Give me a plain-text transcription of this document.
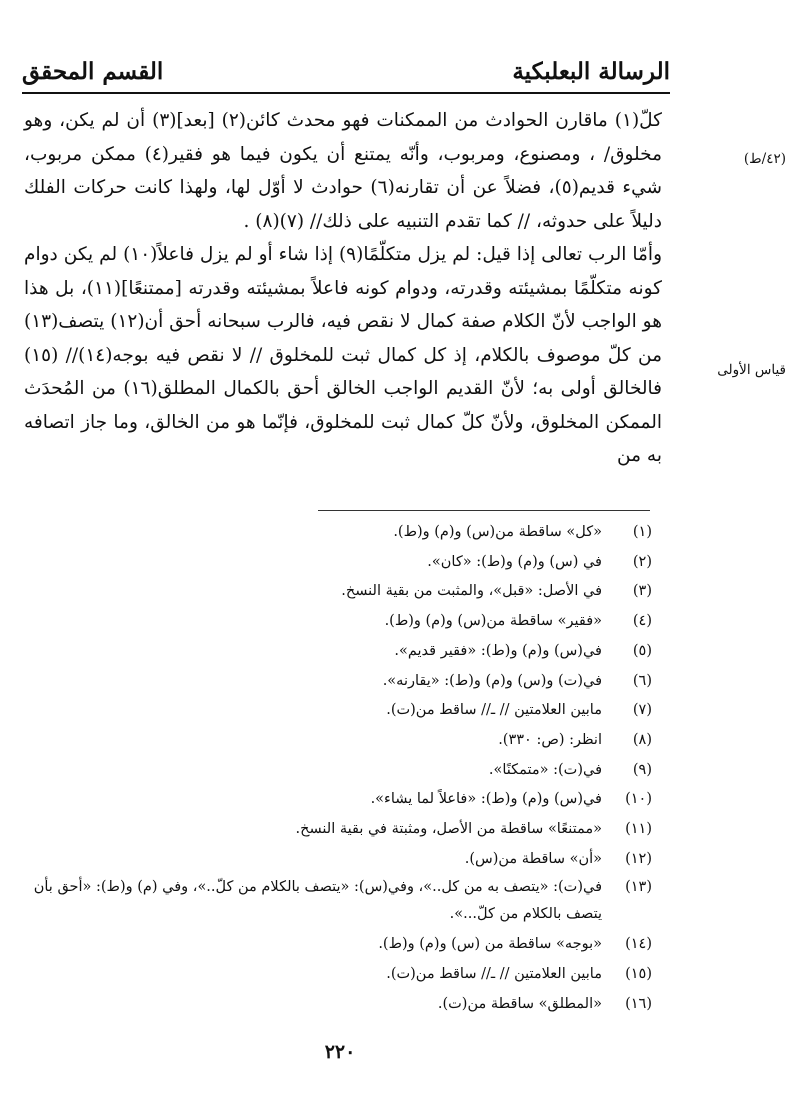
الرسالة البعلبكية
القسم المحقق
(٤٢/ط)
قياس الأولى

كلّ(١) ماقارن الحوادث من الممكنات فهو محدث كائن(٢) [بعد](٣) أن لم يكن، وهو مخلوق/ ، ومصنوع، ومربوب، وأنّه يمتنع أن يكون فيما هو فقير(٤) ممكن مربوب، شيء قديم(٥)، فضلاً عن أن تقارنه(٦) حوادث لا أوّل لها، ولهذا كانت حركات الفلك دليلاً على حدوثه، // كما تقدم التنبيه على ذلك// (٧)(٨) .

وأمّا الرب تعالى إذا قيل: لم يزل متكلّمًا(٩) إذا شاء أو لم يزل فاعلاً(١٠) لم يكن دوام كونه متكلّمًا بمشيئته وقدرته، ودوام كونه فاعلاً بمشيئته وقدرته [ممتنعًا](١١)، بل هذا هو الواجب لأنّ الكلام صفة كمال لا نقص فيه، فالرب سبحانه أحق أن(١٢) يتصف(١٣) من كلّ موصوف بالكلام، إذ كل كمال ثبت للمخلوق // لا نقص فيه بوجه(١٤)// (١٥) فالخالق أولى به؛ لأنّ القديم الواجب الخالق أحق بالكمال المطلق(١٦) من المُحدَث الممكن المخلوق، ولأنّ كلّ كمال ثبت للمخلوق، فإنّما هو من الخالق، وما جاز اتصافه به من

(١)
«كل» ساقطة من(س) و(م) و(ط).
(٢)
في (س) و(م) و(ط): «كان».
(٣)
في الأصل: «قبل»، والمثبت من بقية النسخ.
(٤)
«فقير» ساقطة من(س) و(م) و(ط).
(٥)
في(س) و(م) و(ط): «فقير قديم».
(٦)
في(ت) و(س) و(م) و(ط): «يقارنه».
(٧)
مابين العلامتين // ـ// ساقط من(ت).
(٨)
انظر: (ص: ٣٣٠).
(٩)
في(ت): «متمكنًا».
(١٠)
في(س) و(م) و(ط): «فاعلاً لما يشاء».
(١١)
«ممتنعًا» ساقطة من الأصل، ومثبتة في بقية النسخ.
(١٢)
«أن» ساقطة من(س).
(١٣)
في(ت): «يتصف به من كل..»، وفي(س): «يتصف بالكلام من كلّ..»، وفي (م) و(ط): «أحق بأن يتصف بالكلام من كلّ...».
(١٤)
«بوجه» ساقطة من (س) و(م) و(ط).
(١٥)
مابين العلامتين // ـ// ساقط من(ت).
(١٦)
«المطلق» ساقطة من(ت).
٢٢٠
